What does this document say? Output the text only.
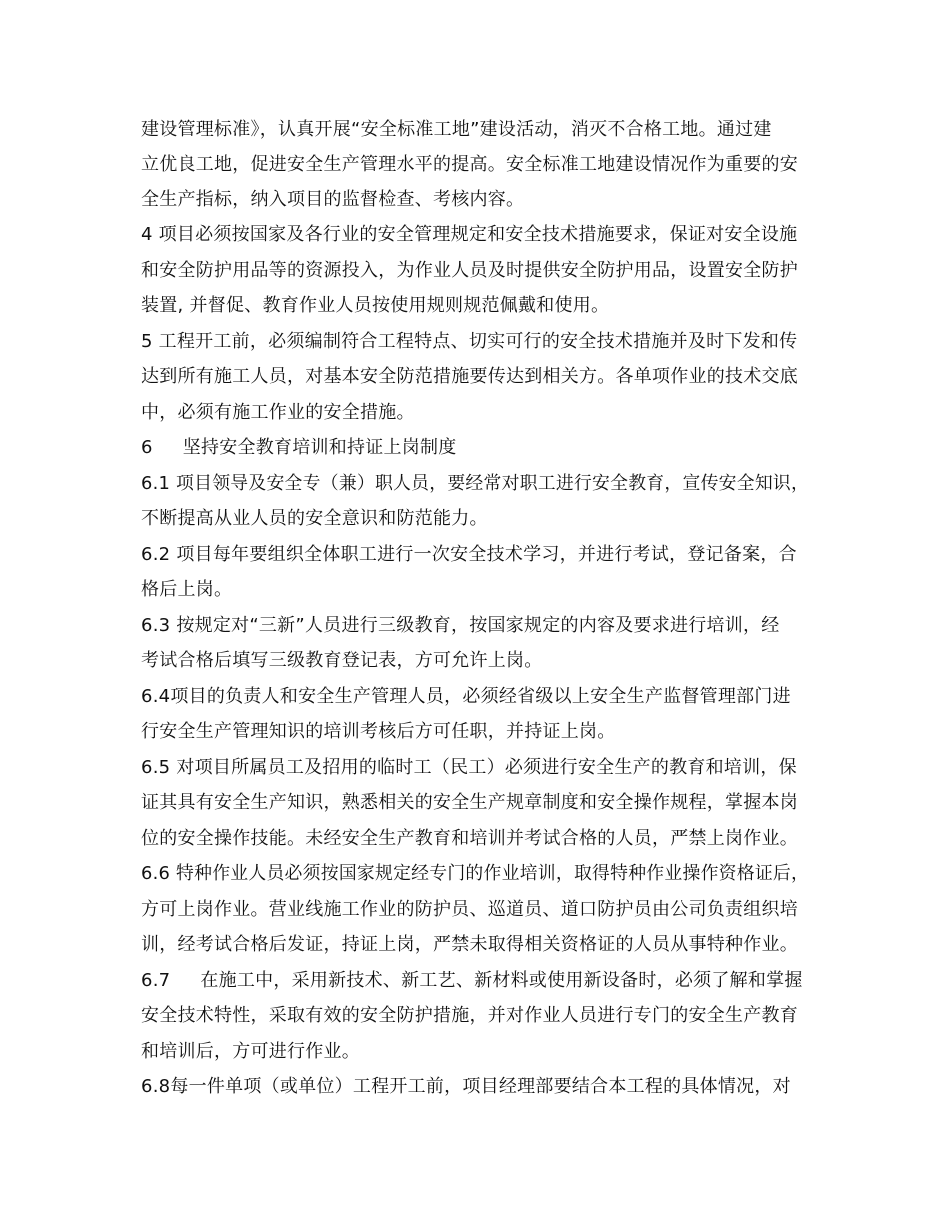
建设管理标准》，认真开展“安全标准工地”建设活动，消灭不合格工地。通过建
立优良工地，促进安全生产管理水平的提高。安全标准工地建设情况作为重要的安
全生产指标，纳入项目的监督检查、考核内容。
4 项目必须按国家及各行业的安全管理规定和安全技术措施要求，保证对安全设施
和安全防护用品等的资源投入，为作业人员及时提供安全防护用品，设置安全防护
装置, 并督促、教育作业人员按使用规则规范佩戴和使用。
5 工程开工前，必须编制符合工程特点、切实可行的安全技术措施并及时下发和传
达到所有施工人员，对基本安全防范措施要传达到相关方。各单项作业的技术交底
中，必须有施工作业的安全措施。
6 坚持安全教育培训和持证上岗制度
6.1 项目领导及安全专（兼）职人员，要经常对职工进行安全教育，宣传安全知识，
不断提高从业人员的安全意识和防范能力。
6.2 项目每年要组织全体职工进行一次安全技术学习，并进行考试，登记备案，合
格后上岗。
6.3 按规定对“三新”人员进行三级教育，按国家规定的内容及要求进行培训，经
考试合格后填写三级教育登记表，方可允许上岗。
6.4项目的负责人和安全生产管理人员，必须经省级以上安全生产监督管理部门进
行安全生产管理知识的培训考核后方可任职，并持证上岗。
6.5 对项目所属员工及招用的临时工（民工）必须进行安全生产的教育和培训，保
证其具有安全生产知识，熟悉相关的安全生产规章制度和安全操作规程，掌握本岗
位的安全操作技能。未经安全生产教育和培训并考试合格的人员，严禁上岗作业。
6.6 特种作业人员必须按国家规定经专门的作业培训，取得特种作业操作资格证后，
方可上岗作业。营业线施工作业的防护员、巡道员、道口防护员由公司负责组织培
训，经考试合格后发证，持证上岗，严禁未取得相关资格证的人员从事特种作业。
6.7 在施工中，采用新技术、新工艺、新材料或使用新设备时，必须了解和掌握
安全技术特性，采取有效的安全防护措施，并对作业人员进行专门的安全生产教育
和培训后，方可进行作业。
6.8每一件单项（或单位）工程开工前，项目经理部要结合本工程的具体情况，对
